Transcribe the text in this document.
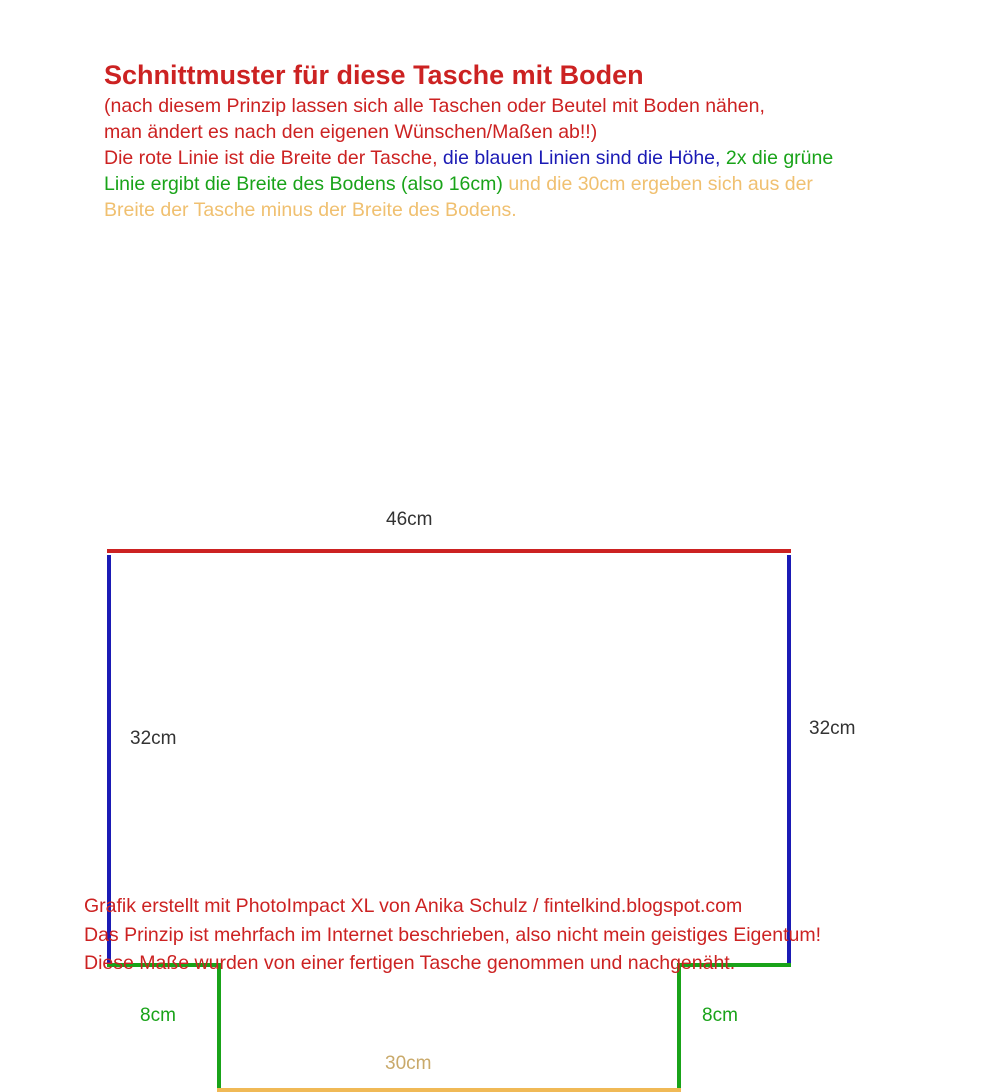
Schnittmuster für diese Tasche mit Boden

(nach diesem Prinzip lassen sich alle Taschen oder Beutel mit Boden nähen,

man ändert es nach den eigenen Wünschen/Maßen ab!!)

Die rote Linie ist die Breite der Tasche, die blauen Linien sind die Höhe, 2x die grüne

Linie ergibt die Breite des Bodens (also 16cm) und die 30cm ergeben sich aus der

Breite der Tasche minus der Breite des Bodens.

46cm
32cm	32cm
8cm	8cm
30cm

Grafik erstellt mit PhotoImpact XL von Anika Schulz / fintelkind.blogspot.com

Das Prinzip ist mehrfach im Internet beschrieben, also nicht mein geistiges Eigentum!

Diese Maße wurden von einer fertigen Tasche genommen und nachgenäht.
